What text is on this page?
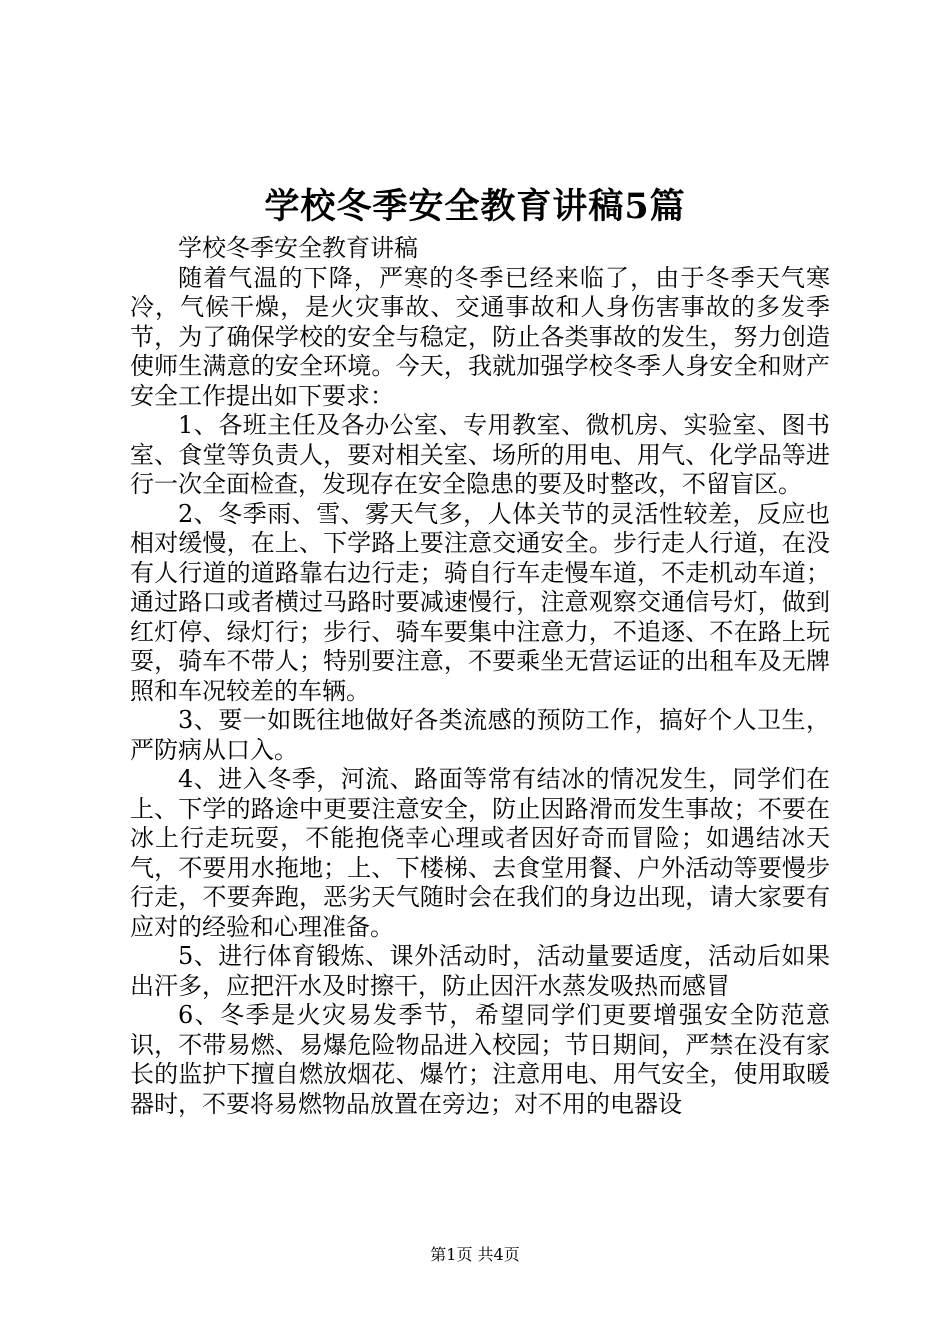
学校冬季安全教育讲稿5篇

学校冬季安全教育讲稿

随着气温的下降，严寒的冬季已经来临了，由于冬季天气寒冷，气候干燥，是火灾事故、交通事故和人身伤害事故的多发季节，为了确保学校的安全与稳定，防止各类事故的发生，努力创造使师生满意的安全环境。今天，我就加强学校冬季人身安全和财产安全工作提出如下要求：

1、各班主任及各办公室、专用教室、微机房、实验室、图书室、食堂等负责人，要对相关室、场所的用电、用气、化学品等进行一次全面检查，发现存在安全隐患的要及时整改，不留盲区。

2、冬季雨、雪、雾天气多，人体关节的灵活性较差，反应也相对缓慢，在上、下学路上要注意交通安全。步行走人行道，在没有人行道的道路靠右边行走；骑自行车走慢车道，不走机动车道；通过路口或者横过马路时要减速慢行，注意观察交通信号灯，做到红灯停、绿灯行；步行、骑车要集中注意力，不追逐、不在路上玩耍，骑车不带人；特别要注意，不要乘坐无营运证的出租车及无牌照和车况较差的车辆。

3、要一如既往地做好各类流感的预防工作，搞好个人卫生，严防病从口入。

4、进入冬季，河流、路面等常有结冰的情况发生，同学们在上、下学的路途中更要注意安全，防止因路滑而发生事故；不要在冰上行走玩耍，不能抱侥幸心理或者因好奇而冒险；如遇结冰天气，不要用水拖地；上、下楼梯、去食堂用餐、户外活动等要慢步行走，不要奔跑，恶劣天气随时会在我们的身边出现，请大家要有应对的经验和心理准备。

5、进行体育锻炼、课外活动时，活动量要适度，活动后如果出汗多，应把汗水及时擦干，防止因汗水蒸发吸热而感冒

6、冬季是火灾易发季节，希望同学们更要增强安全防范意识，不带易燃、易爆危险物品进入校园；节日期间，严禁在没有家长的监护下擅自燃放烟花、爆竹；注意用电、用气安全，使用取暖器时，不要将易燃物品放置在旁边；对不用的电器设

第1页 共4页
